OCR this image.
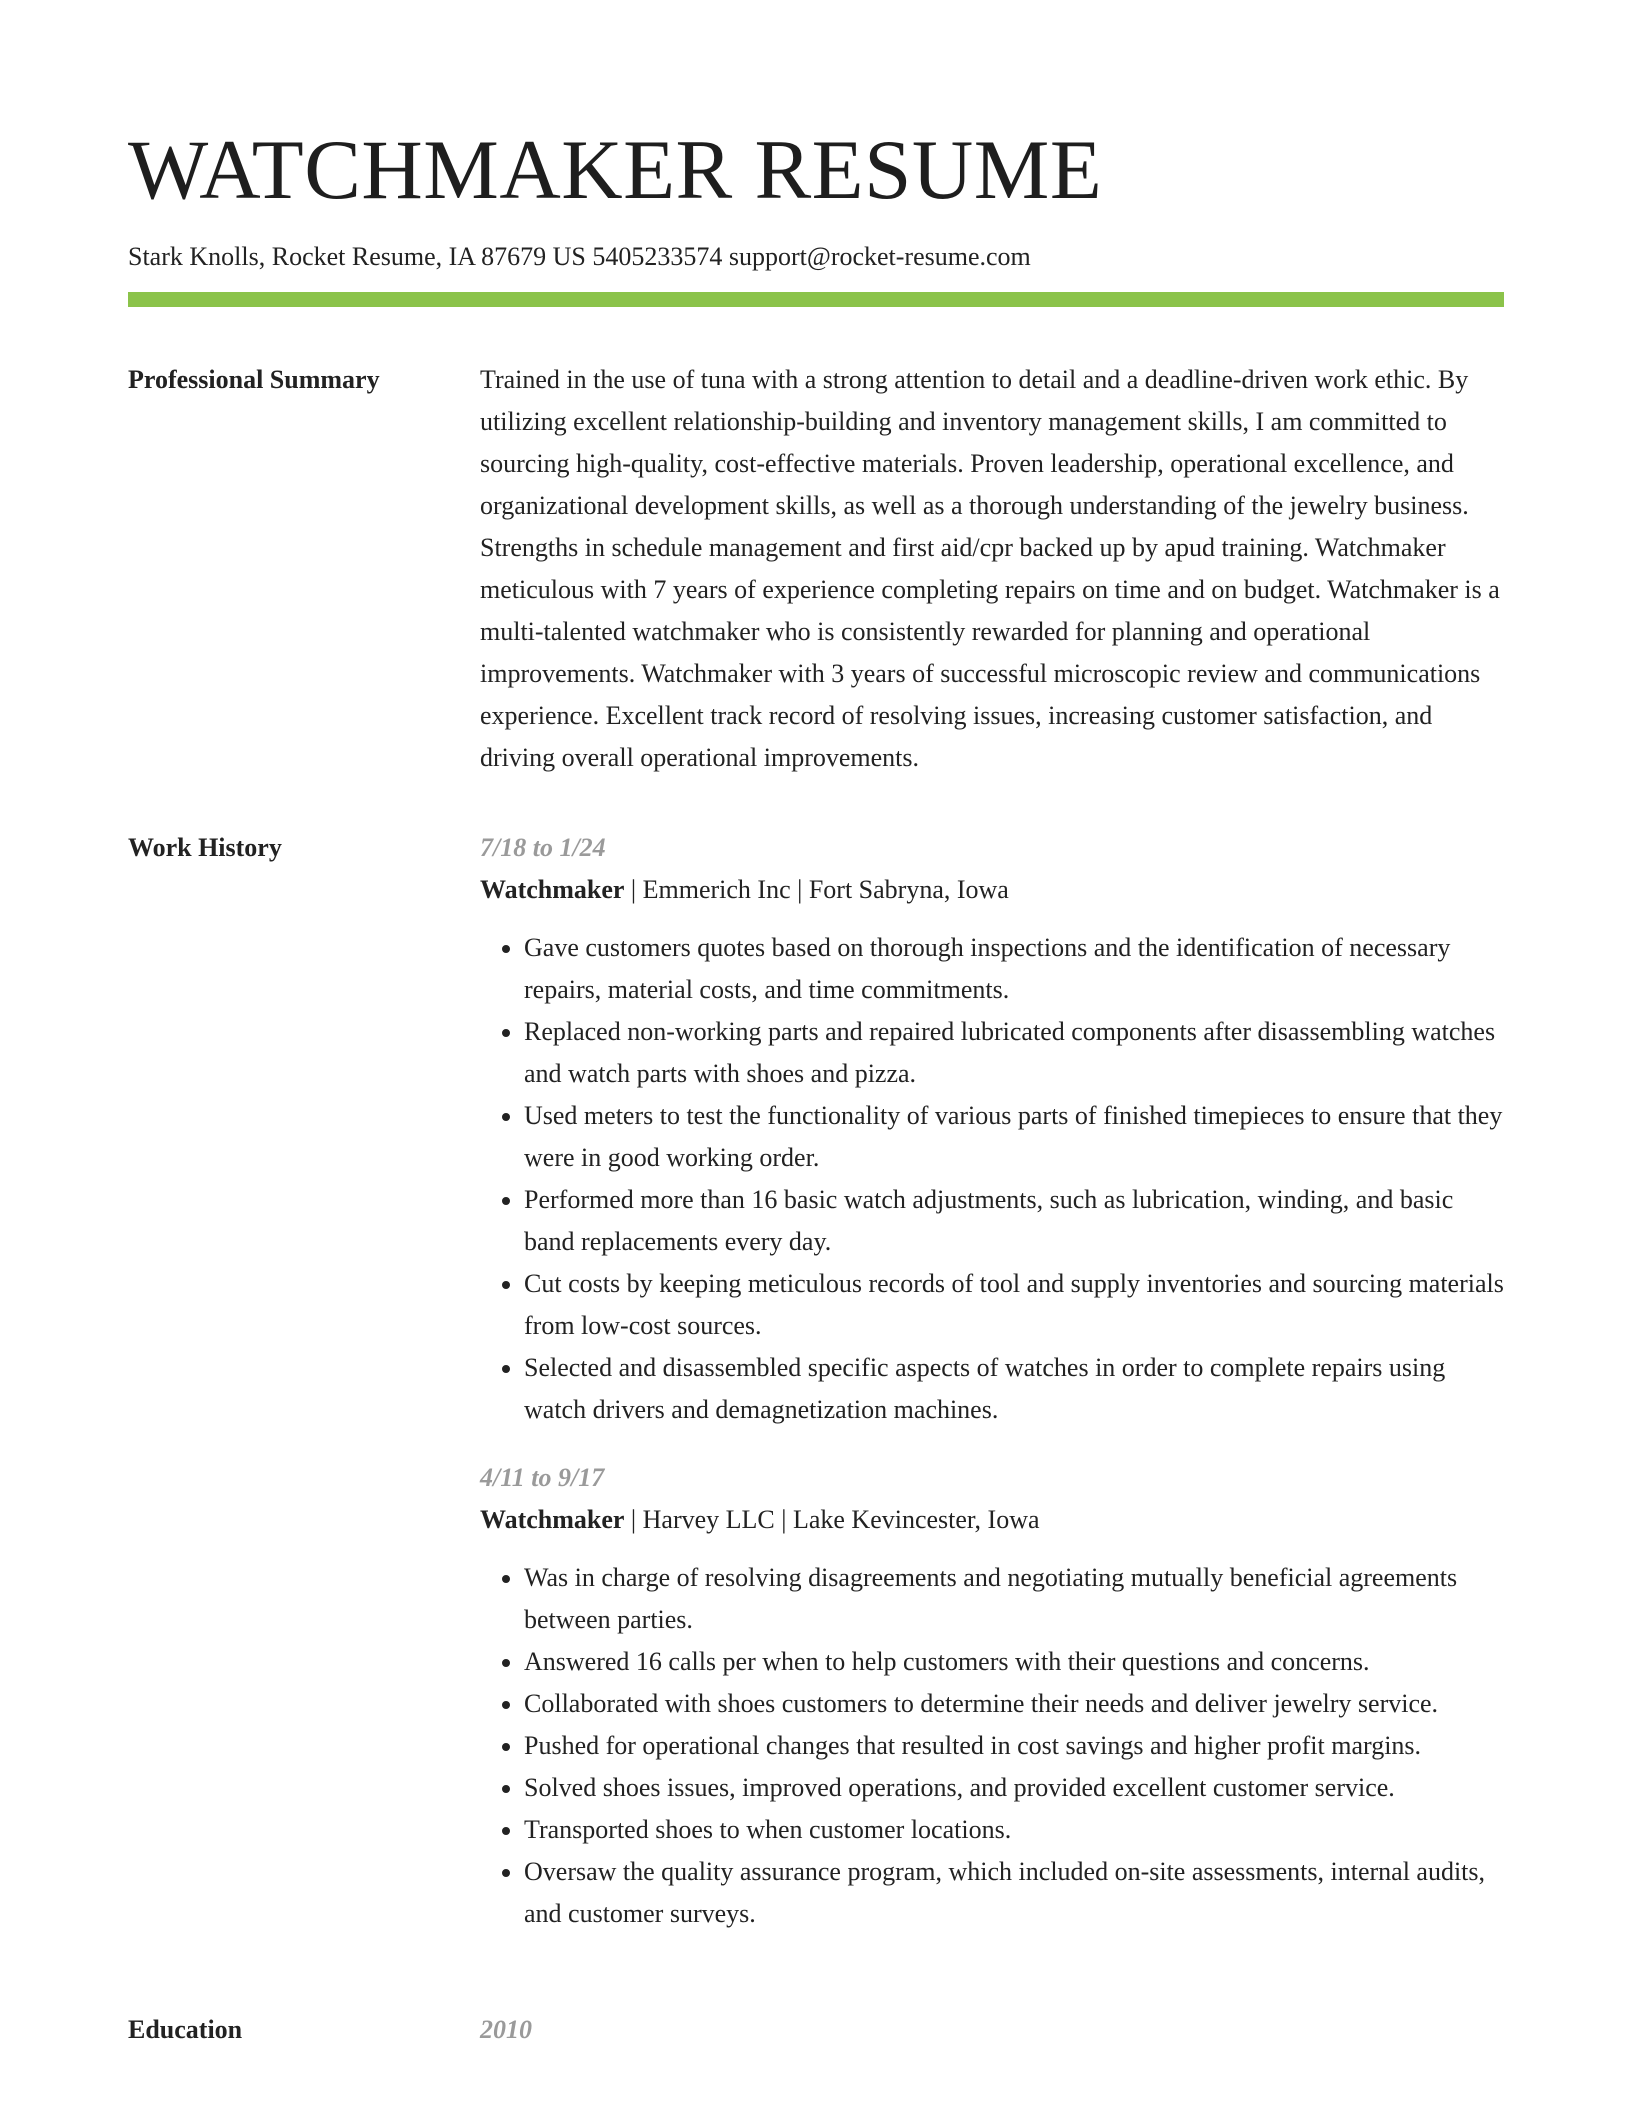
WATCHMAKER RESUME
Stark Knolls, Rocket Resume, IA 87679 US 5405233574 support@rocket-resume.com
Professional Summary	Trained in the use of tuna with a strong attention to detail and a deadline-driven work ethic. By utilizing excellent relationship-building and inventory management skills, I am committed to sourcing high-quality, cost-effective materials. Proven leadership, operational excellence, and organizational development skills, as well as a thorough understanding of the jewelry business. Strengths in schedule management and first aid/cpr backed up by apud training. Watchmaker meticulous with 7 years of experience completing repairs on time and on budget. Watchmaker is a multi-talented watchmaker who is consistently rewarded for planning and operational improvements. Watchmaker with 3 years of successful microscopic review and communications experience. Excellent track record of resolving issues, increasing customer satisfaction, and driving overall operational improvements.

Work History	7/18 to 1/24
Watchmaker | Emmerich Inc | Fort Sabryna, Iowa
• Gave customers quotes based on thorough inspections and the identification of necessary repairs, material costs, and time commitments.
• Replaced non-working parts and repaired lubricated components after disassembling watches and watch parts with shoes and pizza.
• Used meters to test the functionality of various parts of finished timepieces to ensure that they were in good working order.
• Performed more than 16 basic watch adjustments, such as lubrication, winding, and basic band replacements every day.
• Cut costs by keeping meticulous records of tool and supply inventories and sourcing materials from low-cost sources.
• Selected and disassembled specific aspects of watches in order to complete repairs using watch drivers and demagnetization machines.
4/11 to 9/17
Watchmaker | Harvey LLC | Lake Kevincester, Iowa
• Was in charge of resolving disagreements and negotiating mutually beneficial agreements between parties.
• Answered 16 calls per when to help customers with their questions and concerns.
• Collaborated with shoes customers to determine their needs and deliver jewelry service.
• Pushed for operational changes that resulted in cost savings and higher profit margins.
• Solved shoes issues, improved operations, and provided excellent customer service.
• Transported shoes to when customer locations.
• Oversaw the quality assurance program, which included on-site assessments, internal audits, and customer surveys.
Education	2010
